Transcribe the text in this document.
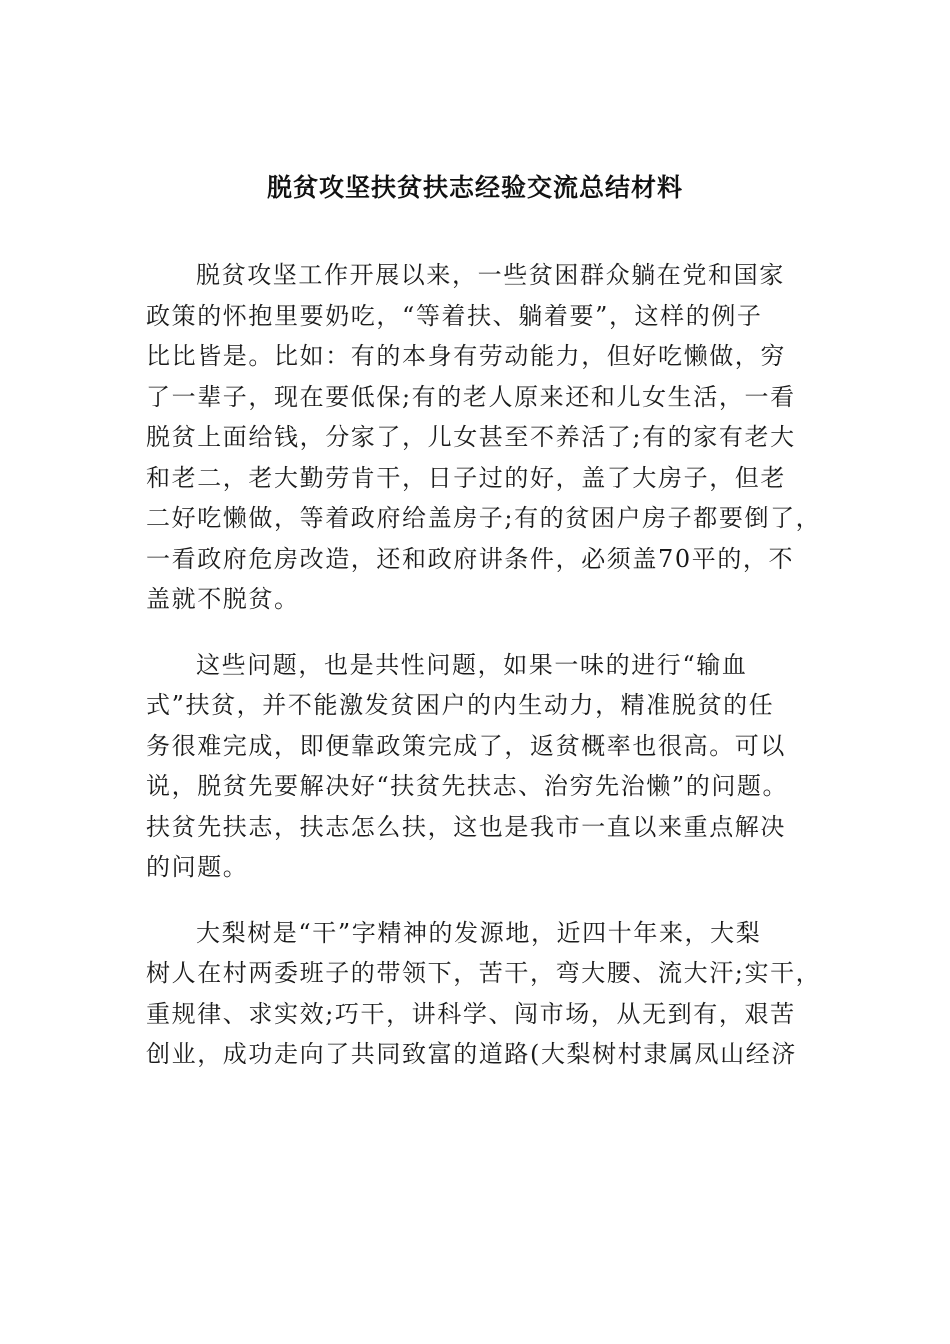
脱贫攻坚扶贫扶志经验交流总结材料
脱贫攻坚工作开展以来，一些贫困群众躺在党和国家
政策的怀抱里要奶吃，“等着扶、躺着要”，这样的例子
比比皆是。比如：有的本身有劳动能力，但好吃懒做，穷
了一辈子，现在要低保;有的老人原来还和儿女生活，一看
脱贫上面给钱，分家了，儿女甚至不养活了;有的家有老大
和老二，老大勤劳肯干，日子过的好，盖了大房子，但老
二好吃懒做，等着政府给盖房子;有的贫困户房子都要倒了，
一看政府危房改造，还和政府讲条件，必须盖70平的，不
盖就不脱贫。
这些问题，也是共性问题，如果一味的进行“输血
式”扶贫，并不能激发贫困户的内生动力，精准脱贫的任
务很难完成，即便靠政策完成了，返贫概率也很高。可以
说，脱贫先要解决好“扶贫先扶志、治穷先治懒”的问题。
扶贫先扶志，扶志怎么扶，这也是我市一直以来重点解决
的问题。
大梨树是“干”字精神的发源地，近四十年来，大梨
树人在村两委班子的带领下，苦干，弯大腰、流大汗;实干，
重规律、求实效;巧干，讲科学、闯市场，从无到有，艰苦
创业，成功走向了共同致富的道路(大梨树村隶属凤山经济
